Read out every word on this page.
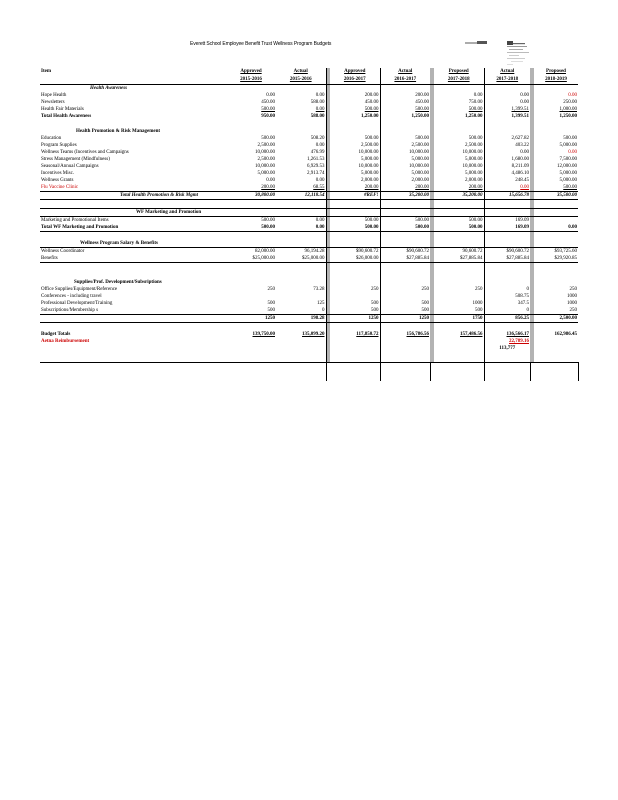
Everett School Employee Benefit Trust Wellness Program Budgets
Item	Approved	Actual		Approved	Actual		Proposed	Actual		Proposed
	2015-2016	2015-2016		2016-2017	2016-2017		2017-2018	2017-2018		2018-2019
Health Awareness										
Hope Health	0.00	0.00		200.00	200.00		0.00	0.00		0.00
Newsletters	450.00	588.00		450.00	450.00		750.00	0.00		250.00
Health Fair Materials	500.00	0.00		500.00	500.00		500.00	1,399.51		1,000.00
Total Health Awareness	950.00	588.00		1,250.00	1,250.00		1,250.00	1,399.51		1,250.00

Health Promotion & Risk Management										
Education	500.00	508.20		500.00	500.00		500.00	2,627.82		500.00
Program Supplies	2,500.00	0.00		2,500.00	2,500.00		2,500.00	403.22		5,000.00
Wellness Teams (Incentives and Campaigns	10,000.00	476.99		10,000.00	10,000.00		10,000.00	0.00		0.00
Stress Management (Mindfulness)	2,500.00	1,261.53		5,000.00	5,000.00		5,000.00	1,680.00		7,500.00
Seasonal/Annual Campaigns	10,000.00	6,929.53		10,000.00	10,000.00		10,000.00	8,211.09		12,000.00
Incentives Misc.	5,000.00	2,913.74		5,000.00	5,000.00		5,000.00	4,486.10		5,000.00
Wellness Grants	0.00	0.00		2,000.00	2,000.00		2,000.00	248.45		5,000.00
Flu Vaccine Clinic	200.00	68.55		200.00	200.00		200.00	0.00		500.00
Total Health Promotion & Risk Mgmt	30,800.00	12,118.54		#REF!	35,200.00		35,200.00	15,656.78		35,500.00

WF Marketing and Promotion										
Marketing and Promotional Items	500.00	0.00		500.00	500.00		500.00	169.09		
Total WF Marketing and Promotion	500.00	0.00		500.00	500.00		500.00	169.09		0.00

Wellness Program Salary & Benefits										
Wellness Coordinator	82,000.00	96,194.28		$90,600.72	$90,600.72		90,600.72	$90,600.72		$93,725.60
Benefits	$25,000.00	$25,000.00		$26,000.00	$27,885.84		$27,885.84	$27,885.84		$29,920.85

Supplies/Prof. Development/Subsriptions										
Office Supplies/Equipment/Reference	250	73.28		250	250		250	0		250
Conferences - including travel								508.75		1000
Professional Development/Training	500	125		500	500		1000	347.5		1000
Subscriptions/Membership s	500	0		500	500		500	0		250
	1250	198.28		1250	1250		1750	856.25		2,500.00

Budget Totals	139,750.00	135,099.20		117,850.72	156,786.56		157,486.56	136,566.17		162,986.45
Aetna Reimbursement								22,789.16		
								113,777		
